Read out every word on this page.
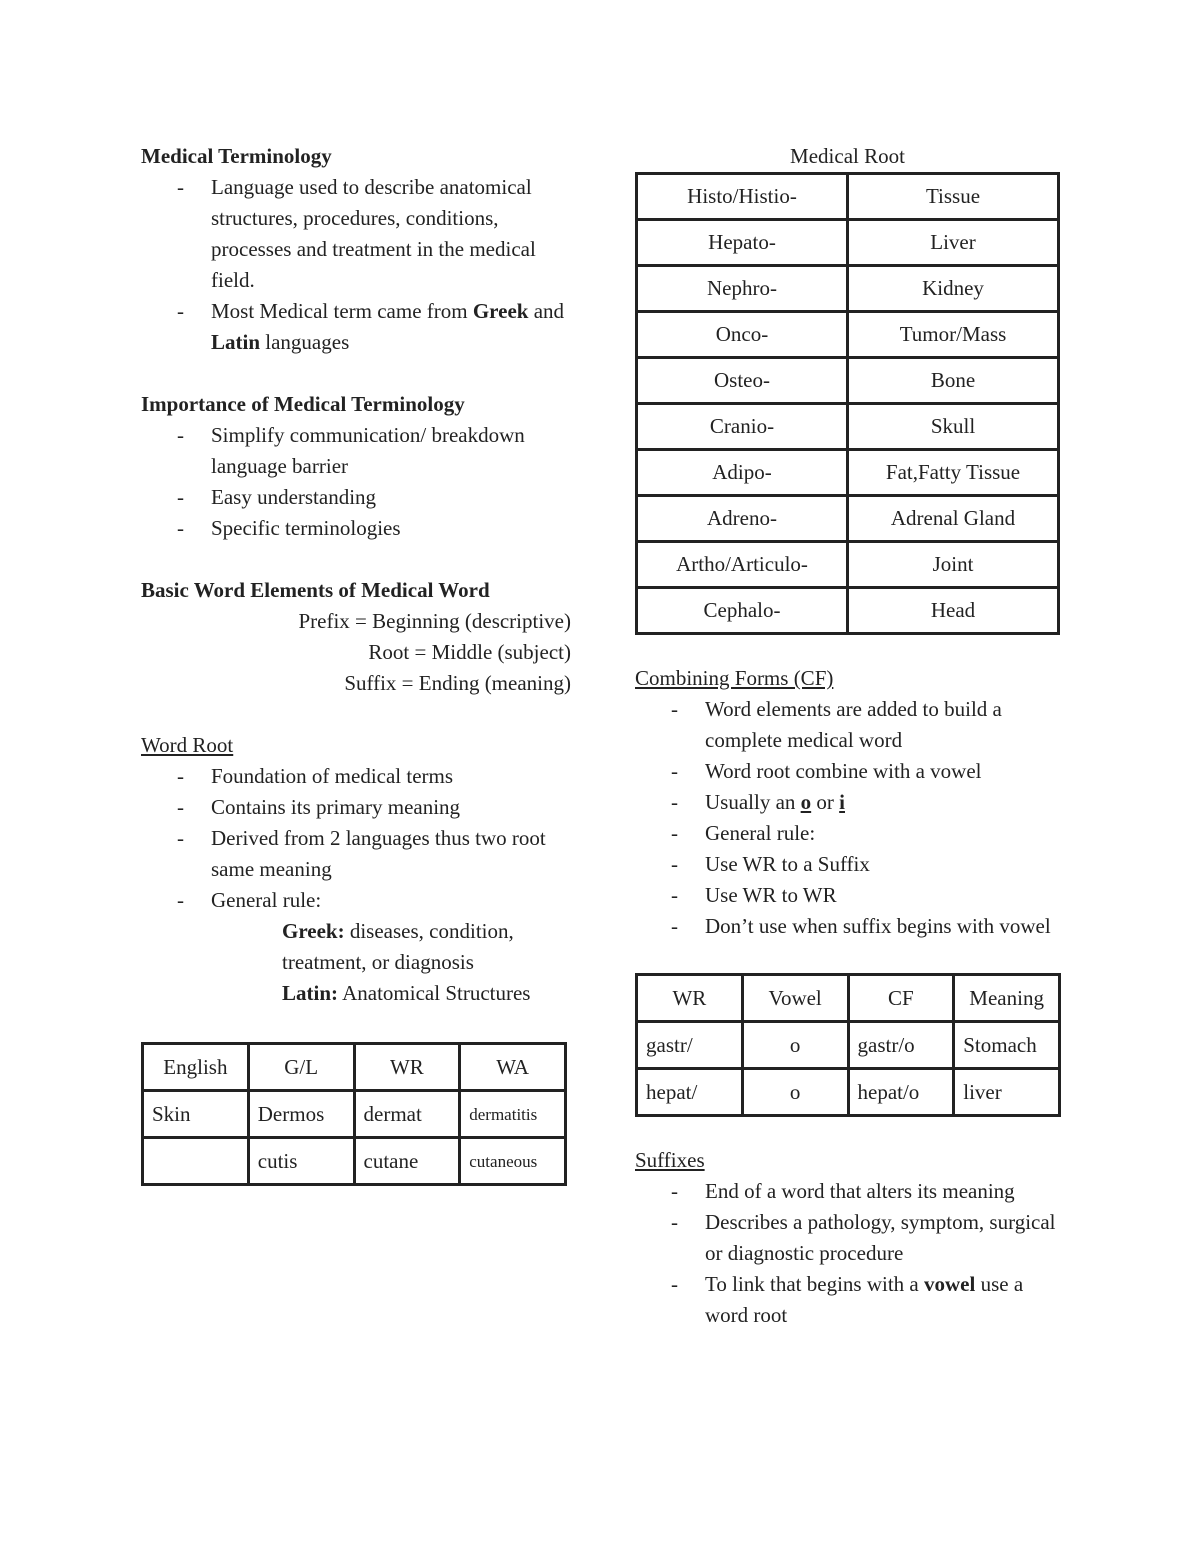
Medical Terminology
- Language used to describe anatomical structures, procedures, conditions, processes and treatment in the medical field.
- Most Medical term came from Greek and Latin languages
Importance of Medical Terminology
- Simplify communication/ breakdown language barrier
- Easy understanding
- Specific terminologies
Basic Word Elements of Medical Word
Prefix = Beginning (descriptive)
Root = Middle (subject)
Suffix = Ending (meaning)
Word Root
- Foundation of medical terms
- Contains its primary meaning
- Derived from 2 languages thus two root same meaning
- General rule:
Greek: diseases, condition, treatment, or diagnosis
Latin: Anatomical Structures
English	G/L	WR	WA
Skin	Dermos	dermat	dermatitis
	cutis	cutane	cutaneous
Medical Root
Histo/Histio-	Tissue
Hepato-	Liver
Nephro-	Kidney
Onco-	Tumor/Mass
Osteo-	Bone
Cranio-	Skull
Adipo-	Fat,Fatty Tissue
Adreno-	Adrenal Gland
Artho/Articulo-	Joint
Cephalo-	Head
Combining Forms (CF)
- Word elements are added to build a complete medical word
- Word root combine with a vowel
- Usually an o or i
- General rule:
- Use WR to a Suffix
- Use WR to WR
- Don’t use when suffix begins with vowel
WR	Vowel	CF	Meaning
gastr/	o	gastr/o	Stomach
hepat/	o	hepat/o	liver
Suffixes
- End of a word that alters its meaning
- Describes a pathology, symptom, surgical or diagnostic procedure
- To link that begins with a vowel use a word root
